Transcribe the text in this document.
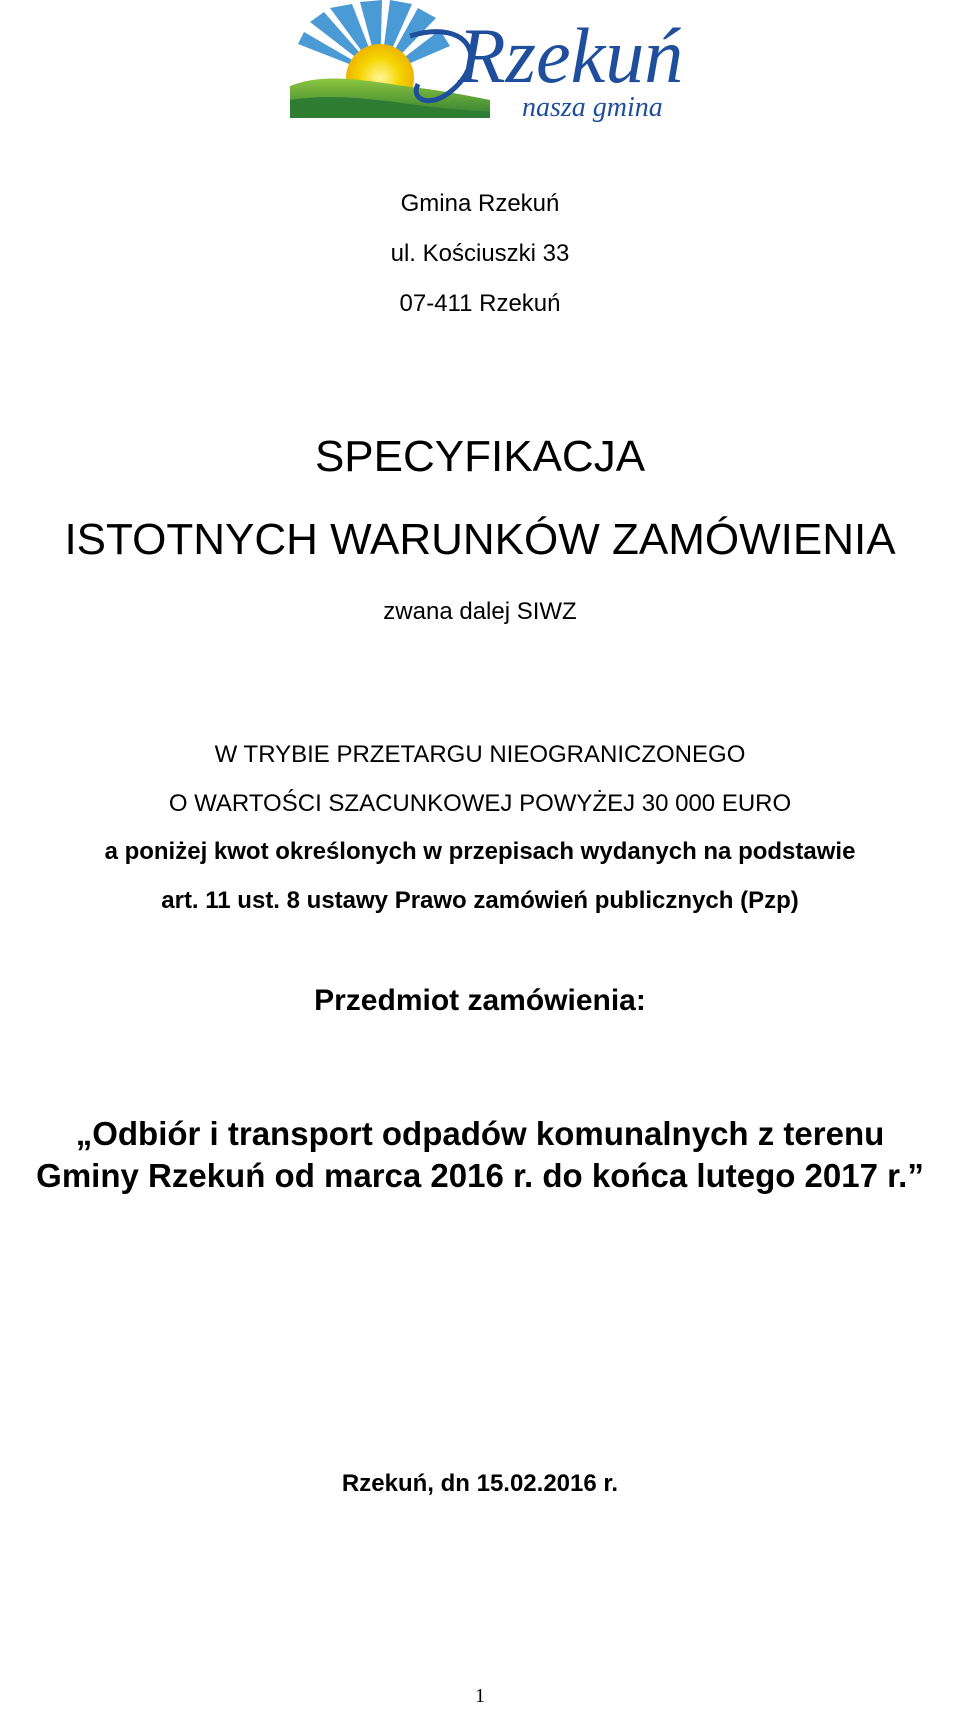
Rzekuń
nasza gmina
Gmina Rzekuń
ul. Kościuszki 33
07-411 Rzekuń
SPECYFIKACJA
ISTOTNYCH WARUNKÓW ZAMÓWIENIA
zwana dalej SIWZ
W TRYBIE PRZETARGU NIEOGRANICZONEGO
O WARTOŚCI SZACUNKOWEJ POWYŻEJ 30 000 EURO
a poniżej kwot określonych w przepisach wydanych na podstawie
art. 11 ust. 8 ustawy Prawo zamówień publicznych (Pzp)
Przedmiot zamówienia:
„Odbiór i transport odpadów komunalnych z terenu
Gminy Rzekuń od marca 2016 r. do końca lutego 2017 r.”
Rzekuń, dn 15.02.2016 r.
1
